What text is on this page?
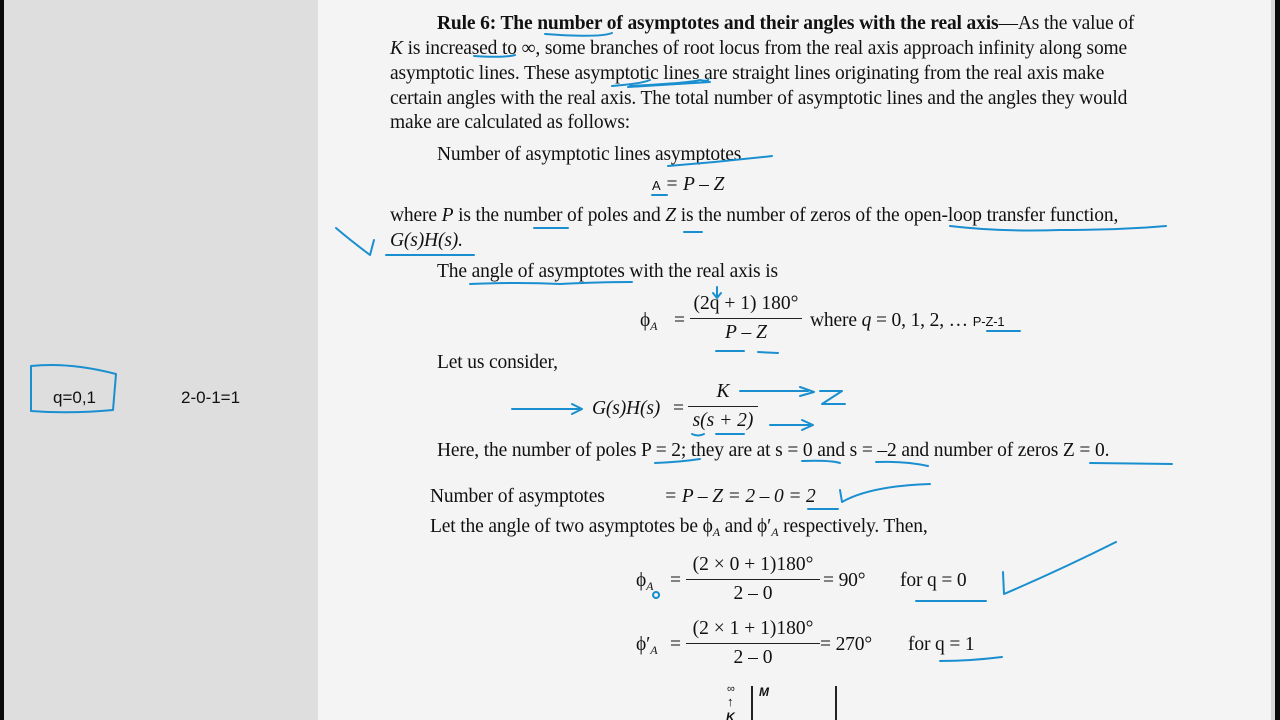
q=0,1	2-0-1=1
Rule 6: The number of asymptotes and their angles with the real axis—As the value of
K is increased to ∞, some branches of root locus from the real axis approach infinity along some
asymptotic lines. These asymptotic lines are straight lines originating from the real axis make
certain angles with the real axis. The total number of asymptotic lines and the angles they would
make are calculated as follows:
Number of asymptotic lines asymptotes
A = P – Z
where P is the number of poles and Z is the number of zeros of the open-loop transfer function,
G(s)H(s).
The angle of asymptotes with the real axis is
$\phi_A$ =
(2q + 1) 180°
P – Z
where q = 0, 1, 2, … P-Z-1
Let us consider,
G(s)H(s) =
K
s(s + 2)
Here, the number of poles P = 2; they are at s = 0 and s = –2 and number of zeros Z = 0.
Number of asymptotes	= P – Z = 2 – 0 = 2
Let the angle of two asymptotes be $\phi_A$ and $\phi'_A$ respectively. Then,
$\phi_A$ =
(2 × 0 + 1)180°
2 – 0
= 90° for q = 0
$\phi'_A$ =
(2 × 1 + 1)180°
2 – 0
= 270° for q = 1
∞
↑
K
M
